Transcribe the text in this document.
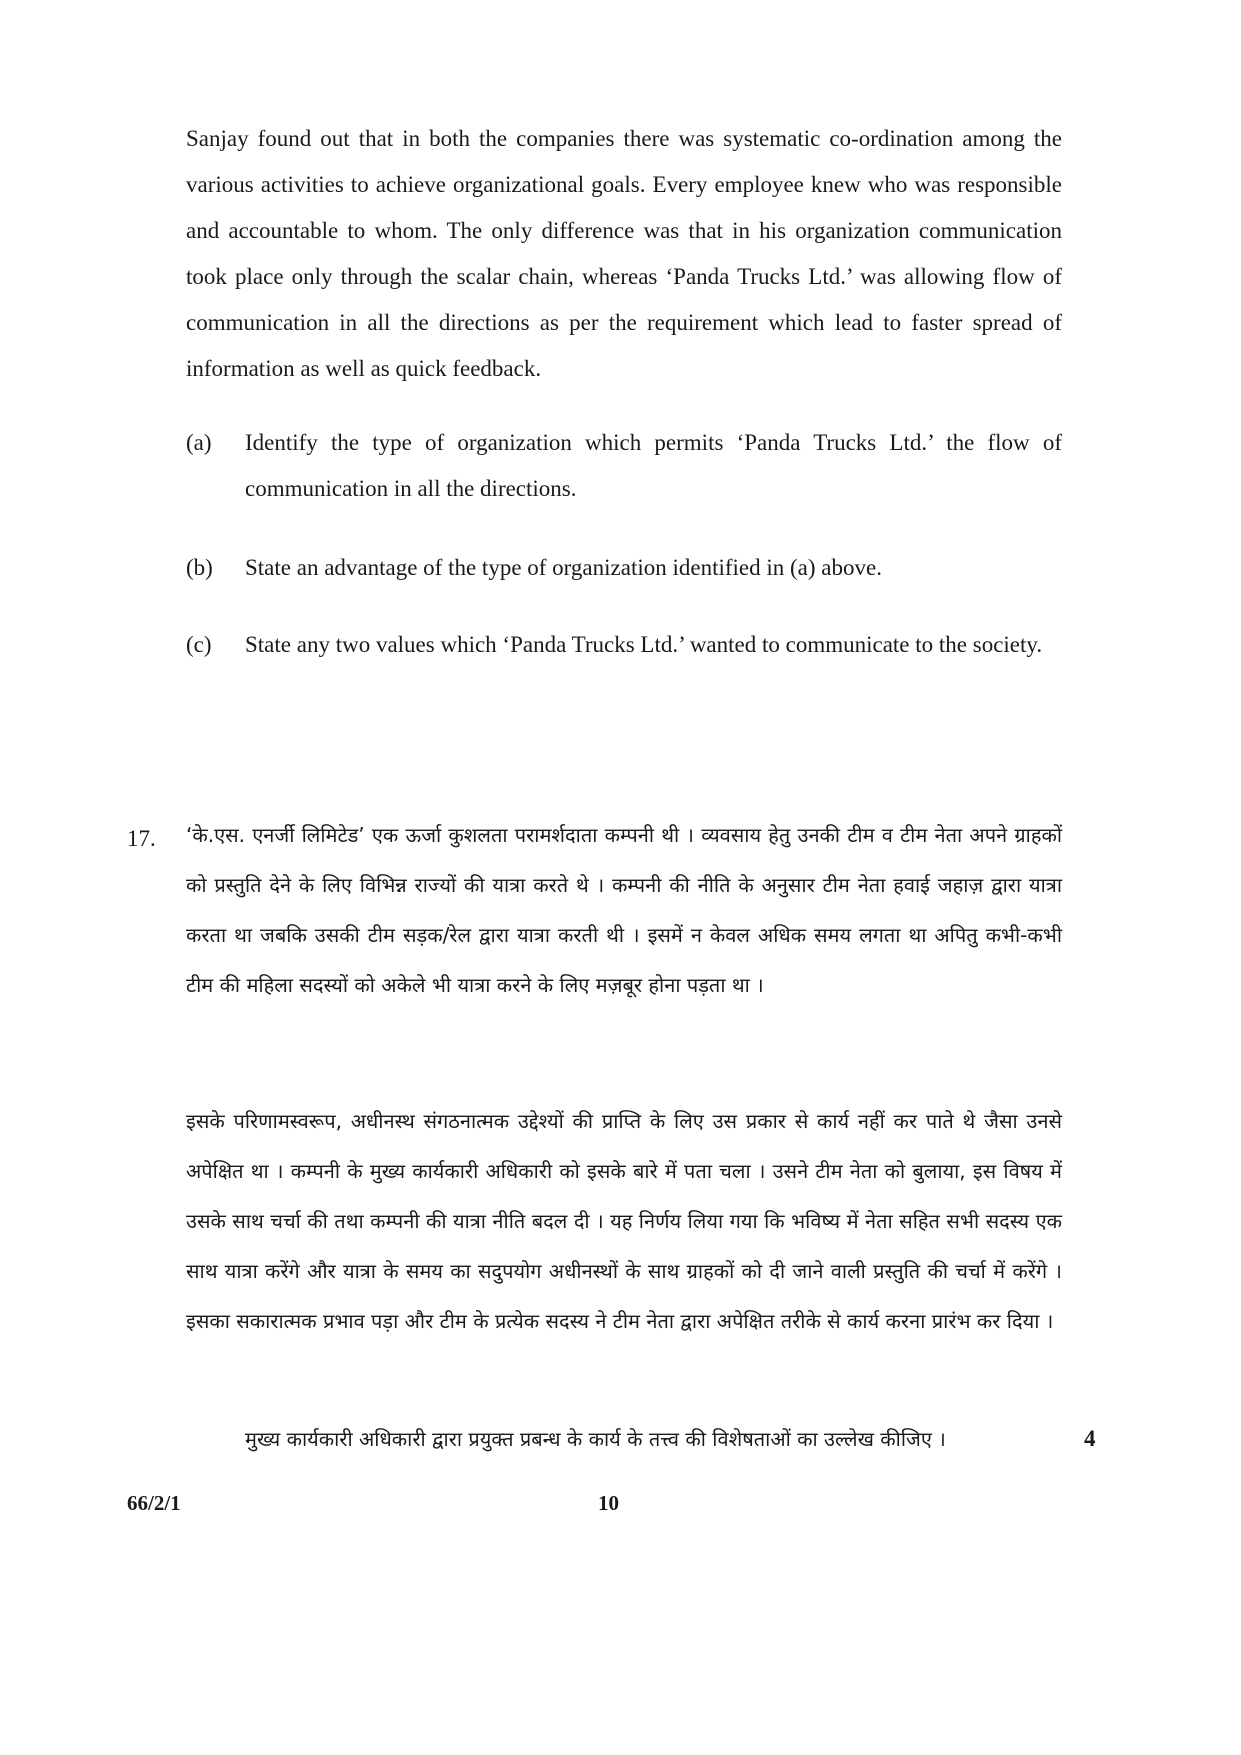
Sanjay found out that in both the companies there was systematic co-ordination among the various activities to achieve organizational goals. Every employee knew who was responsible and accountable to whom. The only difference was that in his organization communication took place only through the scalar chain, whereas ‘Panda Trucks Ltd.’ was allowing flow of communication in all the directions as per the requirement which lead to faster spread of information as well as quick feedback.

(a) Identify the type of organization which permits ‘Panda Trucks Ltd.’ the flow of communication in all the directions.
(b) State an advantage of the type of organization identified in (a) above.
(c) State any two values which ‘Panda Trucks Ltd.’ wanted to communicate to the society.
17. ‘के.एस. एनर्जी लिमिटेड’ एक ऊर्जा कुशलता परामर्शदाता कम्पनी थी । व्यवसाय हेतु उनकी टीम व टीम नेता अपने ग्राहकों को प्रस्तुति देने के लिए विभिन्न राज्यों की यात्रा करते थे । कम्पनी की नीति के अनुसार टीम नेता हवाई जहाज़ द्वारा यात्रा करता था जबकि उसकी टीम सड़क/रेल द्वारा यात्रा करती थी । इसमें न केवल अधिक समय लगता था अपितु कभी-कभी टीम की महिला सदस्यों को अकेले भी यात्रा करने के लिए मज़बूर होना पड़ता था ।

इसके परिणामस्वरूप, अधीनस्थ संगठनात्मक उद्देश्यों की प्राप्ति के लिए उस प्रकार से कार्य नहीं कर पाते थे जैसा उनसे अपेक्षित था । कम्पनी के मुख्य कार्यकारी अधिकारी को इसके बारे में पता चला । उसने टीम नेता को बुलाया, इस विषय में उसके साथ चर्चा की तथा कम्पनी की यात्रा नीति बदल दी । यह निर्णय लिया गया कि भविष्य में नेता सहित सभी सदस्य एक साथ यात्रा करेंगे और यात्रा के समय का सदुपयोग अधीनस्थों के साथ ग्राहकों को दी जाने वाली प्रस्तुति की चर्चा में करेंगे । इसका सकारात्मक प्रभाव पड़ा और टीम के प्रत्येक सदस्य ने टीम नेता द्वारा अपेक्षित तरीके से कार्य करना प्रारंभ कर दिया ।

मुख्य कार्यकारी अधिकारी द्वारा प्रयुक्त प्रबन्ध के कार्य के तत्त्व की विशेषताओं का उल्लेख कीजिए ।	4
66/2/1	10
